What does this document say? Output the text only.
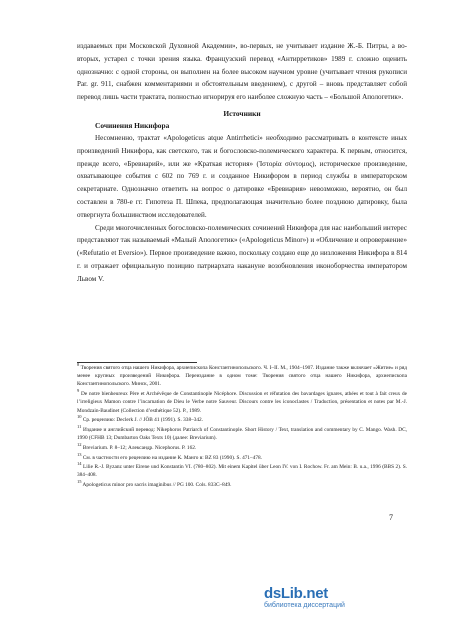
издаваемых при Московской Духовной Академии», во-первых, не учитывает издание Ж.-Б. Питры, а во-вторых, устарел с точки зрения языка. Французский перевод «Антирретиков» 1989 г. сложно оценить однозначно: с одной стороны, он выполнен на более высоком научном уровне (учитывает чтения рукописи Par. gr. 911, снабжен комментариями и обстоятельным введением), с другой – вновь представляет собой перевод лишь части трактата, полностью игнорируя его наиболее сложную часть – «Большой Апологетик».

Источники

Сочинения Никифора

Несомненно, трактат «Apologeticus atque Antirrhetici» необходимо рассматривать в контексте иных произведений Никифора, как светского, так и богословско-полемического характера. К первым, относится, прежде всего, «Бревиарий», или же «Краткая история» (Ἱστορία σύντομος), историческое произведение, охватывающее события с 602 по 769 г. и созданное Никифором в период службы в императорском секретариате. Однозначно ответить на вопрос о датировке «Бревиария» невозможно, вероятно, он был составлен в 780-е гг. Гипотеза П. Шпека, предполагающая значительно более позднюю датировку, была отвергнута большинством исследователей.

Среди многочисленных богословско-полемических сочинений Никифора для нас наибольший интерес представляют так называемый «Малый Апологетик» («Apologeticus Minor») и «Обличение и опровержение» («Refutatio et Eversio»). Первое произведение важно, поскольку создано еще до низложения Никифора в 814 г. и отражает официальную позицию патриархата накануне возобновления иконоборчества императором Львом V.

$^8$ Творения святого отца нашего Никифора, архиепископа Константинопольского. Ч. I–II. М., 1904–1907. Издание также включает «Житие» и ряд менее крупных произведений Никифора. Переиздание в одном томе: Творения святого отца нашего Никифора, архиепископа Константинопольского. Минск, 2001.

$^9$ De notre bienheureux Père et Archévêque de Constantinople Nicéphore. Discussion et réfutation des bavardages ignares, athées et tout à fait creux de l’irreligieux Mamon contre l’incarnation de Dieu le Verbe notre Sauveur. Discours contre les iconoclastes / Traduction, présentation et notes par M.-J. Mondzain-Baudinet (Collection d’esthétique 52). P., 1989.

$^{10}$ Ср. рецензию: Declerk J. // JÖB 41 (1991). S. 338–342.

$^{11}$ Издание и английский перевод: Nikephoros Patriarch of Constantinople. Short History / Text, translation and commentary by C. Mango. Wash. DC, 1990 (CFHB 13; Dumbarton Oaks Texts 10) (далее: Breviarium).

$^{12}$ Breviarium. P. 8–12; Александр. Nicephorus. P. 162.

$^{13}$ См. в частности его рецензию на издание К. Манго в: BZ 83 (1990). S. 471–478.

$^{14}$ Lilie R.-J. Byzanz unter Eirene und Konstantin VI. (780–802). Mit einem Kapitel über Leon IV. von I. Rochow. Fr. am Mein: B. u.a., 1996 (BBS 2). S. 384–408.

$^{15}$ Apologeticus minor pro sacris imaginibus // PG 100. Cols. 833C–849.

7
dsLib.net
библиотека диссертаций
